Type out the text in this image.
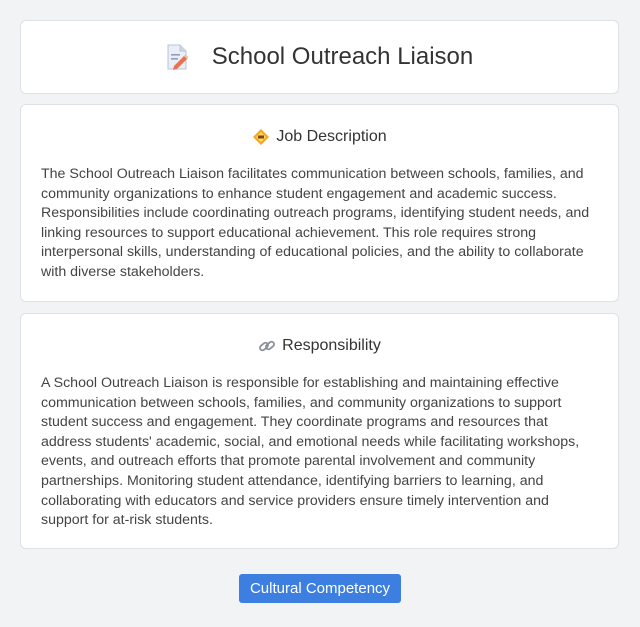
School Outreach Liaison
Job Description

The School Outreach Liaison facilitates communication between schools, families, and community organizations to enhance student engagement and academic success. Responsibilities include coordinating outreach programs, identifying student needs, and linking resources to support educational achievement. This role requires strong interpersonal skills, understanding of educational policies, and the ability to collaborate with diverse stakeholders.

Responsibility

A School Outreach Liaison is responsible for establishing and maintaining effective communication between schools, families, and community organizations to support student success and engagement. They coordinate programs and resources that address students' academic, social, and emotional needs while facilitating workshops, events, and outreach efforts that promote parental involvement and community partnerships. Monitoring student attendance, identifying barriers to learning, and collaborating with educators and service providers ensure timely intervention and support for at-risk students.

Cultural Competency
